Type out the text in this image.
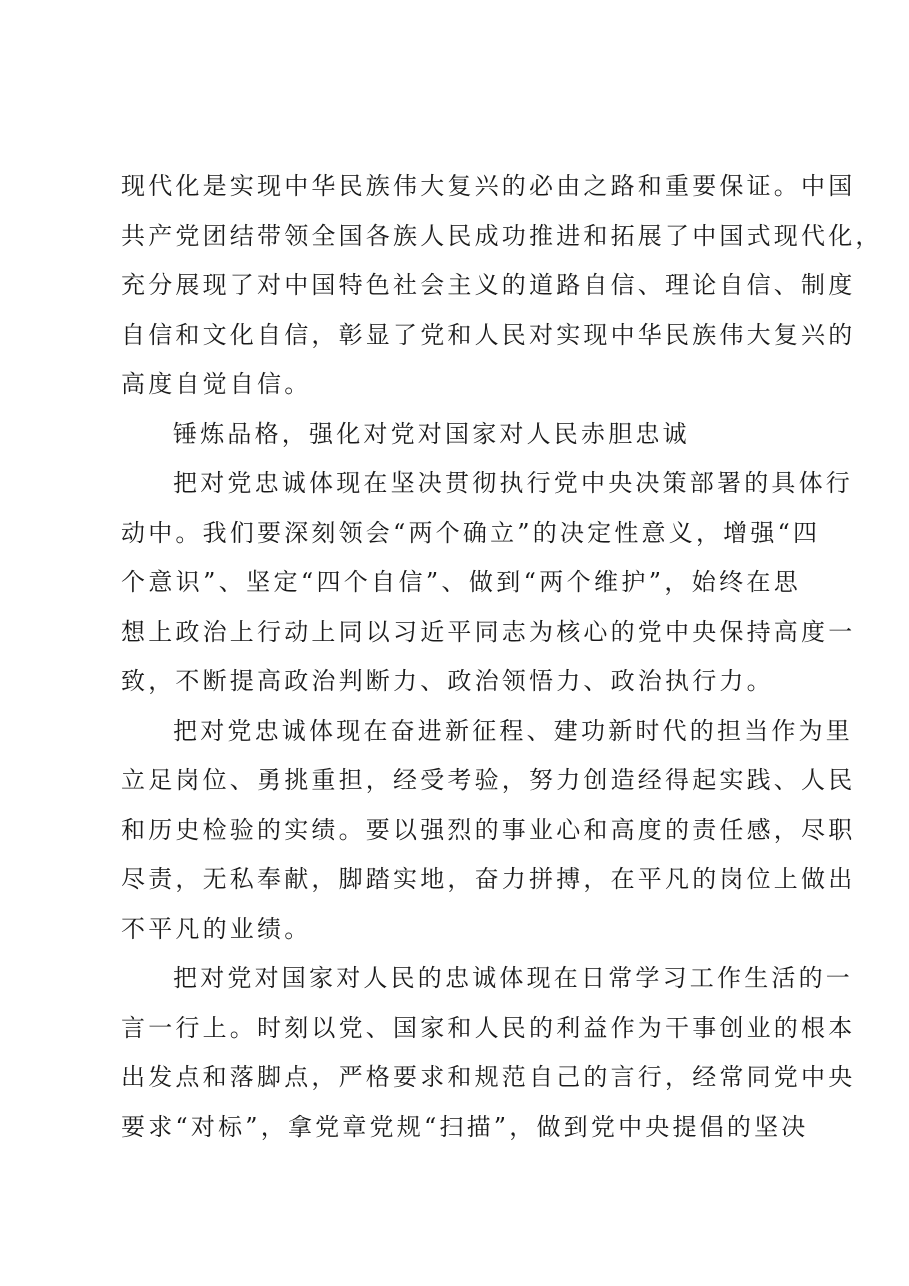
现代化是实现中华民族伟大复兴的必由之路和重要保证。中国
共产党团结带领全国各族人民成功推进和拓展了中国式现代化，
充分展现了对中国特色社会主义的道路自信、理论自信、制度
自信和文化自信，彰显了党和人民对实现中华民族伟大复兴的
高度自觉自信。

锤炼品格，强化对党对国家对人民赤胆忠诚

把对党忠诚体现在坚决贯彻执行党中央决策部署的具体行
动中。我们要深刻领会“两个确立”的决定性意义，增强“四
个意识”、坚定“四个自信”、做到“两个维护”，始终在思
想上政治上行动上同以习近平同志为核心的党中央保持高度一
致，不断提高政治判断力、政治领悟力、政治执行力。

把对党忠诚体现在奋进新征程、建功新时代的担当作为里
立足岗位、勇挑重担，经受考验，努力创造经得起实践、人民
和历史检验的实绩。要以强烈的事业心和高度的责任感，尽职
尽责，无私奉献，脚踏实地，奋力拼搏，在平凡的岗位上做出
不平凡的业绩。

把对党对国家对人民的忠诚体现在日常学习工作生活的一
言一行上。时刻以党、国家和人民的利益作为干事创业的根本
出发点和落脚点，严格要求和规范自己的言行，经常同党中央
要求“对标”，拿党章党规“扫描”，做到党中央提倡的坚决
